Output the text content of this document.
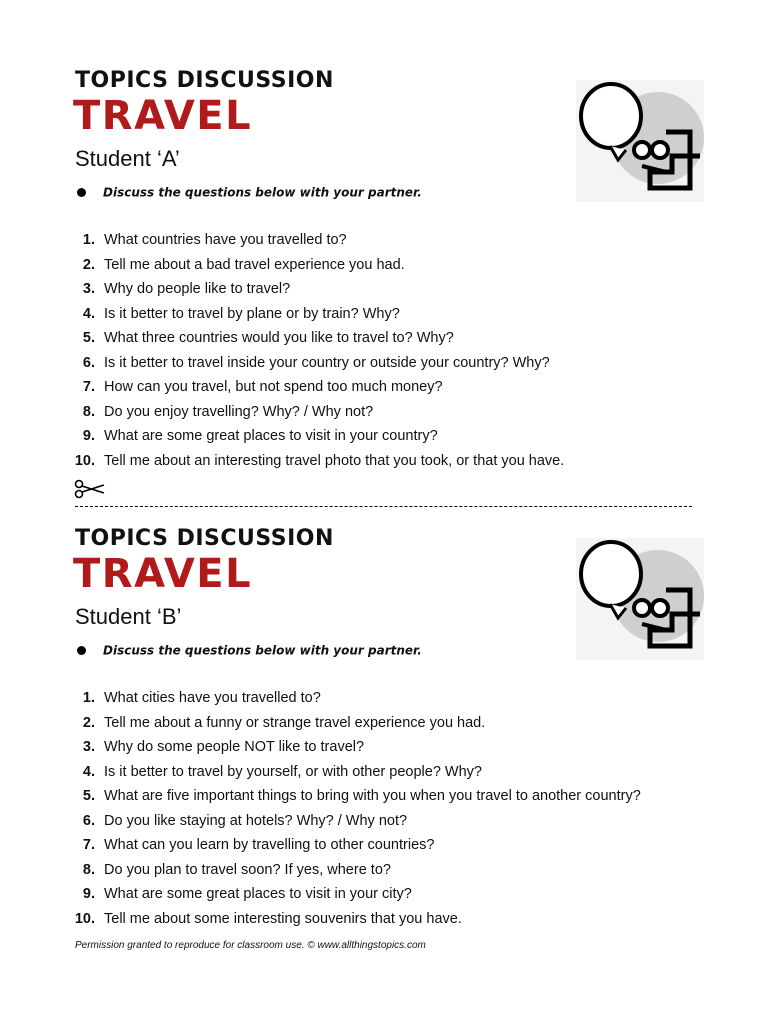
TOPICS DISCUSSION
TRAVEL
Student ‘A’
Discuss the questions below with your partner.
1. What countries have you travelled to?
2. Tell me about a bad travel experience you had.
3. Why do people like to travel?
4. Is it better to travel by plane or by train? Why?
5. What three countries would you like to travel to? Why?
6. Is it better to travel inside your country or outside your country? Why?
7. How can you travel, but not spend too much money?
8. Do you enjoy travelling? Why? / Why not?
9. What are some great places to visit in your country?
10. Tell me about an interesting travel photo that you took, or that you have.
TOPICS DISCUSSION
TRAVEL
Student ‘B’
Discuss the questions below with your partner.
1. What cities have you travelled to?
2. Tell me about a funny or strange travel experience you had.
3. Why do some people NOT like to travel?
4. Is it better to travel by yourself, or with other people? Why?
5. What are five important things to bring with you when you travel to another country?
6. Do you like staying at hotels? Why? / Why not?
7. What can you learn by travelling to other countries?
8. Do you plan to travel soon? If yes, where to?
9. What are some great places to visit in your city?
10. Tell me about some interesting souvenirs that you have.
Permission granted to reproduce for classroom use. © www.allthingstopics.com
